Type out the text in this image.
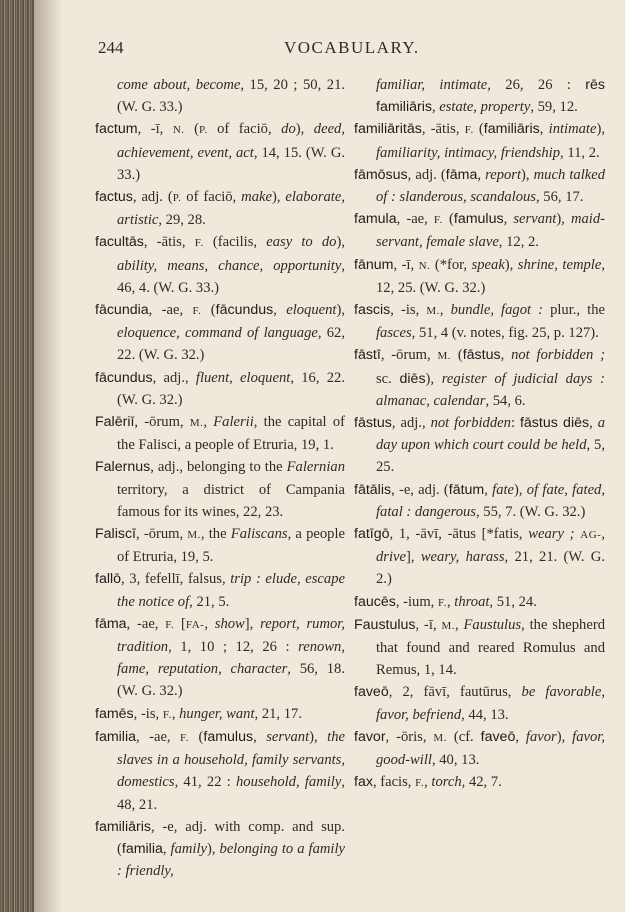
244	VOCABULARY.

come about, become, 15, 20 ; 50, 21. (W. G. 33.)

factum, -ī, N. (P. of faciō, do), deed, achievement, event, act, 14, 15. (W. G. 33.)

factus, adj. (P. of faciō, make), elaborate, artistic, 29, 28.

facultās, -ātis, F. (facilis, easy to do), ability, means, chance, opportunity, 46, 4. (W. G. 33.)

fācundia, -ae, F. (fācundus, eloquent), eloquence, command of language, 62, 22. (W. G. 32.)

fācundus, adj., fluent, eloquent, 16, 22. (W. G. 32.)

Falēriī, -ōrum, M., Falerii, the capital of the Falisci, a people of Etruria, 19, 1.

Falernus, adj., belonging to the Falernian territory, a district of Campania famous for its wines, 22, 23.

Faliscī, -ōrum, M., the Faliscans, a people of Etruria, 19, 5.

fallō, 3, fefellī, falsus, trip : elude, escape the notice of, 21, 5.

fāma, -ae, F. [FA-, show], report, rumor, tradition, 1, 10 ; 12, 26 : renown, fame, reputation, character, 56, 18. (W. G. 32.)

famēs, -is, F., hunger, want, 21, 17.

familia, -ae, F. (famulus, servant), the slaves in a household, family servants, domestics, 41, 22 : household, family, 48, 21.

familiāris, -e, adj. with comp. and sup. (familia, family), belonging to a family : friendly,

familiar, intimate, 26, 26 : rēs familiāris, estate, property, 59, 12.

familiāritās, -ātis, F. (familiāris, intimate), familiarity, intimacy, friendship, 11, 2.

fāmōsus, adj. (fāma, report), much talked of : slanderous, scandalous, 56, 17.

famula, -ae, F. (famulus, servant), maid-servant, female slave, 12, 2.

fānum, -ī, N. (*for, speak), shrine, temple, 12, 25. (W. G. 32.)

fascis, -is, M., bundle, fagot : plur., the fasces, 51, 4 (v. notes, fig. 25, p. 127).

fāstī, -ōrum, M. (fāstus, not forbidden ; sc. diēs), register of judicial days : almanac, calendar, 54, 6.

fāstus, adj., not forbidden: fāstus diēs, a day upon which court could be held, 5, 25.

fātālis, -e, adj. (fātum, fate), of fate, fated, fatal : dangerous, 55, 7. (W. G. 32.)

fatīgō, 1, -āvī, -ātus [*fatis, weary ; AG-, drive], weary, harass, 21, 21. (W. G. 2.)

faucēs, -ium, F., throat, 51, 24.

Faustulus, -ī, M., Faustulus, the shepherd that found and reared Romulus and Remus, 1, 14.

faveō, 2, fāvī, fautūrus, be favorable, favor, befriend, 44, 13.

favor, -ōris, M. (cf. faveō, favor), favor, good-will, 40, 13.

fax, facis, F., torch, 42, 7.
